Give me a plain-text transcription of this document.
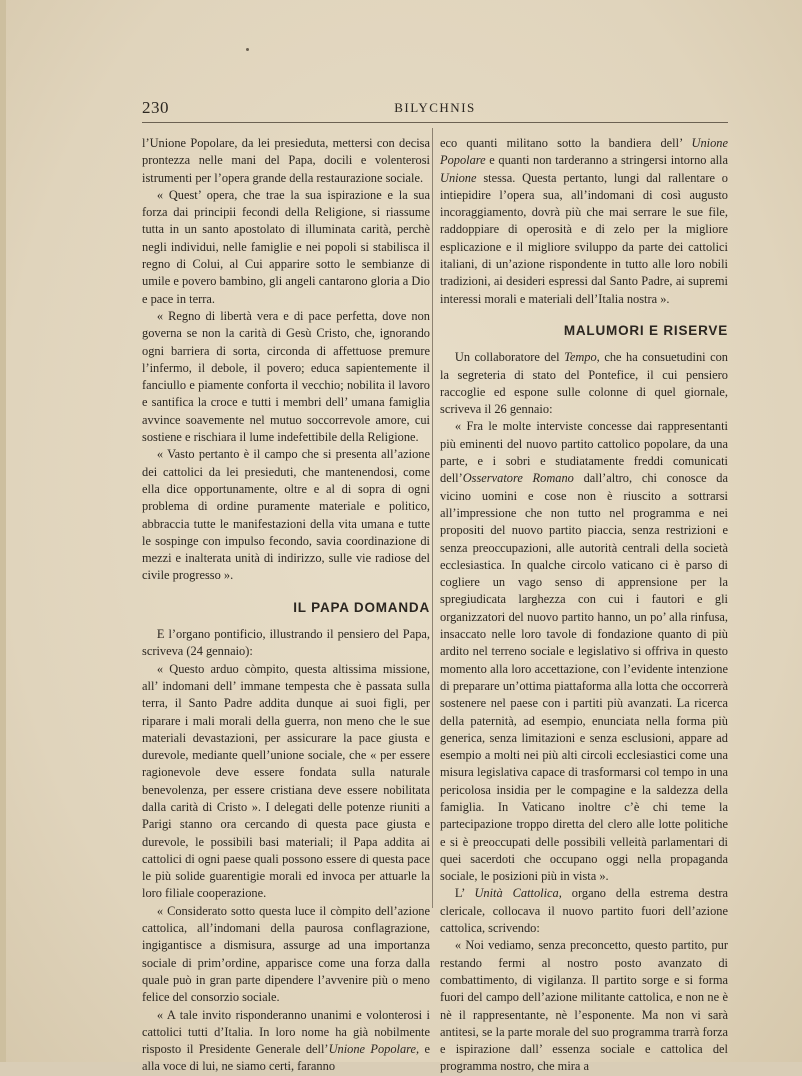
230	BILYCHNIS

l’Unione Popolare, da lei presieduta, mettersi con decisa prontezza nelle mani del Papa, docili e volenterosi istrumenti per l’opera grande della restaurazione sociale.

« Quest’ opera, che trae la sua ispirazione e la sua forza dai principii fecondi della Religione, si riassume tutta in un santo apostolato di illuminata carità, perchè negli individui, nelle famiglie e nei popoli si stabilisca il regno di Colui, al Cui apparire sotto le sembianze di umile e povero bambino, gli angeli cantarono gloria a Dio e pace in terra.

« Regno di libertà vera e di pace perfetta, dove non governa se non la carità di Gesù Cristo, che, ignorando ogni barriera di sorta, circonda di affettuose premure l’infermo, il debole, il povero; educa sapientemente il fanciullo e piamente conforta il vecchio; nobilita il lavoro e santifica la croce e tutti i membri dell’ umana famiglia avvince soavemente nel mutuo soccorrevole amore, cui sostiene e rischiara il lume indefettibile della Religione.

« Vasto pertanto è il campo che si presenta all’azione dei cattolici da lei presieduti, che mantenendosi, come ella dice opportunamente, oltre e al di sopra di ogni problema di ordine puramente materiale e politico, abbraccia tutte le manifestazioni della vita umana e tutte le sospinge con impulso fecondo, savia coordinazione di mezzi e inalterata unità di indirizzo, sulle vie radiose del civile progresso ».

IL PAPA DOMANDA

E l’organo pontificio, illustrando il pensiero del Papa, scriveva (24 gennaio):

« Questo arduo còmpito, questa altissima missione, all’ indomani dell’ immane tempesta che è passata sulla terra, il Santo Padre addita dunque ai suoi figli, per riparare i mali morali della guerra, non meno che le sue materiali devastazioni, per assicurare la pace giusta e durevole, mediante quell’unione sociale, che « per essere ragionevole deve essere fondata sulla naturale benevolenza, per essere cristiana deve essere nobilitata dalla carità di Cristo ». I delegati delle potenze riuniti a Parigi stanno ora cercando di questa pace giusta e durevole, le possibili basi materiali; il Papa addita ai cattolici di ogni paese quali possono essere di questa pace le più solide guarentigie morali ed invoca per attuarle la loro filiale cooperazione.

« Considerato sotto questa luce il còmpito dell’azione cattolica, all’indomani della paurosa conflagrazione, ingigantisce a dismisura, assurge ad una importanza sociale di prim’ordine, apparisce come una forza dalla quale può in gran parte dipendere l’avvenire più o meno felice del consorzio sociale.

« A tale invito risponderanno unanimi e volonterosi i cattolici tutti d’Italia. In loro nome ha già nobilmente risposto il Presidente Generale dell’Unione Popolare, e alla voce di lui, ne siamo certi, faranno

eco quanti militano sotto la bandiera dell’ Unione Popolare e quanti non tarderanno a stringersi intorno alla Unione stessa. Questa pertanto, lungi dal rallentare o intiepidire l’opera sua, all’indomani di così augusto incoraggiamento, dovrà più che mai serrare le sue file, raddoppiare di operosità e di zelo per la migliore esplicazione e il migliore sviluppo da parte dei cattolici italiani, di un’azione rispondente in tutto alle loro nobili tradizioni, ai desideri espressi dal Santo Padre, ai supremi interessi morali e materiali dell’Italia nostra ».

MALUMORI E RISERVE

Un collaboratore del Tempo, che ha consuetudini con la segreteria di stato del Pontefice, il cui pensiero raccoglie ed espone sulle colonne di quel giornale, scriveva il 26 gennaio:

« Fra le molte interviste concesse dai rappresentanti più eminenti del nuovo partito cattolico popolare, da una parte, e i sobri e studiatamente freddi comunicati dell’Osservatore Romano dall’altro, chi conosce da vicino uomini e cose non è riuscito a sottrarsi all’impressione che non tutto nel programma e nei propositi del nuovo partito piaccia, senza restrizioni e senza preoccupazioni, alle autorità centrali della società ecclesiastica. In qualche circolo vaticano ci è parso di cogliere un vago senso di apprensione per la spregiudicata larghezza con cui i fautori e gli organizzatori del nuovo partito hanno, un po’ alla rinfusa, insaccato nelle loro tavole di fondazione quanto di più ardito nel terreno sociale e legislativo si offriva in questo momento alla loro accettazione, con l’evidente intenzione di preparare un’ottima piattaforma alla lotta che occorrerà sostenere nel paese con i partiti più avanzati. La ricerca della paternità, ad esempio, enunciata nella forma più generica, senza limitazioni e senza esclusioni, appare ad esempio a molti nei più alti circoli ecclesiastici come una misura legislativa capace di trasformarsi col tempo in una pericolosa insidia per le compagine e la saldezza della famiglia. In Vaticano inoltre c’è chi teme la partecipazione troppo diretta del clero alle lotte politiche e si è preoccupati delle possibili velleità parlamentari di quei sacerdoti che occupano oggi nella propaganda sociale, le posizioni più in vista ».

L’ Unità Cattolica, organo della estrema destra clericale, collocava il nuovo partito fuori dell’azione cattolica, scrivendo:

« Noi vediamo, senza preconcetto, questo partito, pur restando fermi al nostro posto avanzato di combattimento, di vigilanza. Il partito sorge e si forma fuori del campo dell’azione militante cattolica, e non ne è nè il rappresentante, nè l’esponente. Ma non vi sarà antitesi, se la parte morale del suo programma trarrà forza e ispirazione dall’ essenza sociale e cattolica del programma nostro, che mira a
